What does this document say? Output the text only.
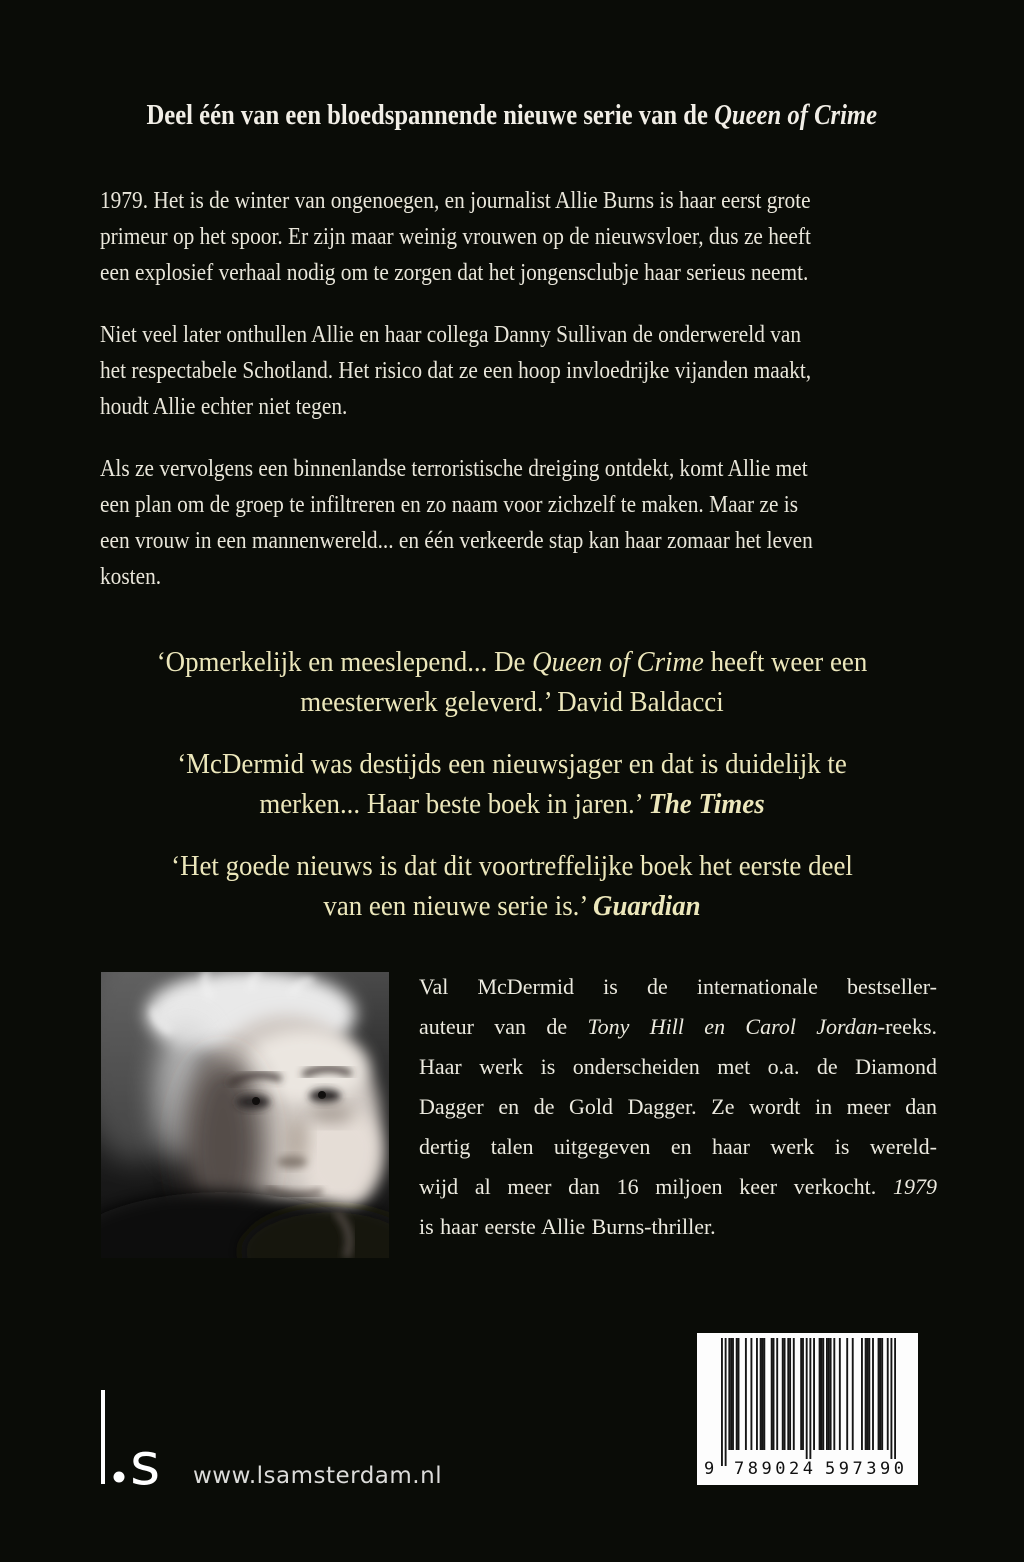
Deel één van een bloedspannende nieuwe serie van de Queen of Crime
1979. Het is de winter van ongenoegen, en journalist Allie Burns is haar eerst grote
primeur op het spoor. Er zijn maar weinig vrouwen op de nieuwsvloer, dus ze heeft
een explosief verhaal nodig om te zorgen dat het jongensclubje haar serieus neemt.
Niet veel later onthullen Allie en haar collega Danny Sullivan de onderwereld van
het respectabele Schotland. Het risico dat ze een hoop invloedrijke vijanden maakt,
houdt Allie echter niet tegen.
Als ze vervolgens een binnenlandse terroristische dreiging ontdekt, komt Allie met
een plan om de groep te infiltreren en zo naam voor zichzelf te maken. Maar ze is
een vrouw in een mannenwereld... en één verkeerde stap kan haar zomaar het leven
kosten.
‘Opmerkelijk en meeslepend... De Queen of Crime heeft weer een
meesterwerk geleverd.’ David Baldacci
‘McDermid was destijds een nieuwsjager en dat is duidelijk te
merken... Haar beste boek in jaren.’ The Times
‘Het goede nieuws is dat dit voortreffelijke boek het eerste deel
van een nieuwe serie is.’ Guardian
Val McDermid is de internationale bestseller-
auteur van de Tony Hill en Carol Jordan-reeks.
Haar werk is onderscheiden met o.a. de Diamond
Dagger en de Gold Dagger. Ze wordt in meer dan
dertig talen uitgegeven en haar werk is wereld-
wijd al meer dan 16 miljoen keer verkocht. 1979
is haar eerste Allie Burns-thriller.
s www.lsamsterdam.nl	9 7 8 9 0 2 4 5 9 7 3 9 0
